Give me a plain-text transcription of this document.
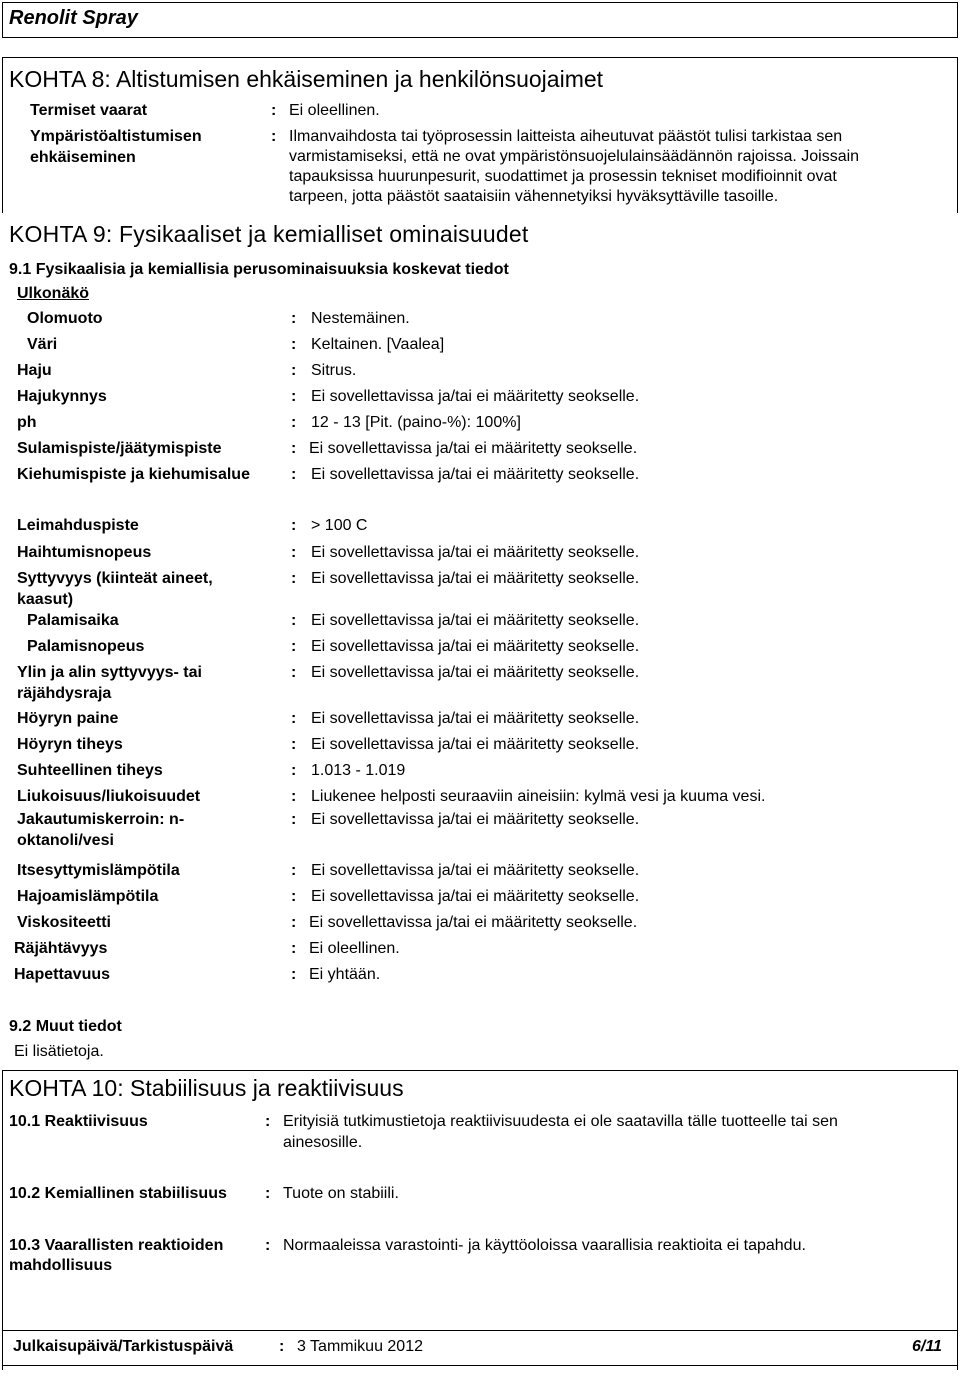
Renolit Spray
KOHTA 8: Altistumisen ehkäiseminen ja henkilönsuojaimet
Termiset vaarat	: Ei oleellinen.
Ympäristöaltistumisen
ehkäiseminen
: Ilmanvaihdosta tai työprosessin laitteista aiheutuvat päästöt tulisi tarkistaa sen
varmistamiseksi, että ne ovat ympäristönsuojelulainsäädännön rajoissa. Joissain
tapauksissa huurunpesurit, suodattimet ja prosessin tekniset modifioinnit ovat
tarpeen, jotta päästöt saataisiin vähennetyiksi hyväksyttäville tasoille.
KOHTA 9: Fysikaaliset ja kemialliset ominaisuudet
9.1 Fysikaalisia ja kemiallisia perusominaisuuksia koskevat tiedot
Ulkonäkö
Olomuoto	: Nestemäinen.
Väri	: Keltainen. [Vaalea]
Haju	: Sitrus.
Hajukynnys	: Ei sovellettavissa ja/tai ei määritetty seokselle.
ph	: 12 - 13 [Pit. (paino-%): 100%]
Sulamispiste/jäätymispiste	: Ei sovellettavissa ja/tai ei määritetty seokselle.
Kiehumispiste ja kiehumisalue	: Ei sovellettavissa ja/tai ei määritetty seokselle.
Leimahduspiste	: > 100 C
Haihtumisnopeus	: Ei sovellettavissa ja/tai ei määritetty seokselle.
Syttyvyys (kiinteät aineet,
kaasut)
: Ei sovellettavissa ja/tai ei määritetty seokselle.
Palamisaika	: Ei sovellettavissa ja/tai ei määritetty seokselle.
Palamisnopeus	: Ei sovellettavissa ja/tai ei määritetty seokselle.
Ylin ja alin syttyvyys- tai
räjähdysraja
: Ei sovellettavissa ja/tai ei määritetty seokselle.
Höyryn paine	: Ei sovellettavissa ja/tai ei määritetty seokselle.
Höyryn tiheys	: Ei sovellettavissa ja/tai ei määritetty seokselle.
Suhteellinen tiheys	: 1.013 - 1.019
Liukoisuus/liukoisuudet	: Liukenee helposti seuraaviin aineisiin: kylmä vesi ja kuuma vesi.
Jakautumiskerroin: n-
oktanoli/vesi
: Ei sovellettavissa ja/tai ei määritetty seokselle.
Itsesyttymislämpötila	: Ei sovellettavissa ja/tai ei määritetty seokselle.
Hajoamislämpötila	: Ei sovellettavissa ja/tai ei määritetty seokselle.
Viskositeetti	: Ei sovellettavissa ja/tai ei määritetty seokselle.
Räjähtävyys	: Ei oleellinen.
Hapettavuus	: Ei yhtään.
9.2 Muut tiedot
Ei lisätietoja.
KOHTA 10: Stabiilisuus ja reaktiivisuus
10.1 Reaktiivisuus	: Erityisiä tutkimustietoja reaktiivisuudesta ei ole saatavilla tälle tuotteelle tai sen
ainesosille.
10.2 Kemiallinen stabiilisuus : Tuote on stabiili.
10.3 Vaarallisten reaktioiden
mahdollisuus
: Normaaleissa varastointi- ja käyttöoloissa vaarallisia reaktioita ei tapahdu.
Julkaisupäivä/Tarkistuspäivä	: 3 Tammikuu 2012	6/11
